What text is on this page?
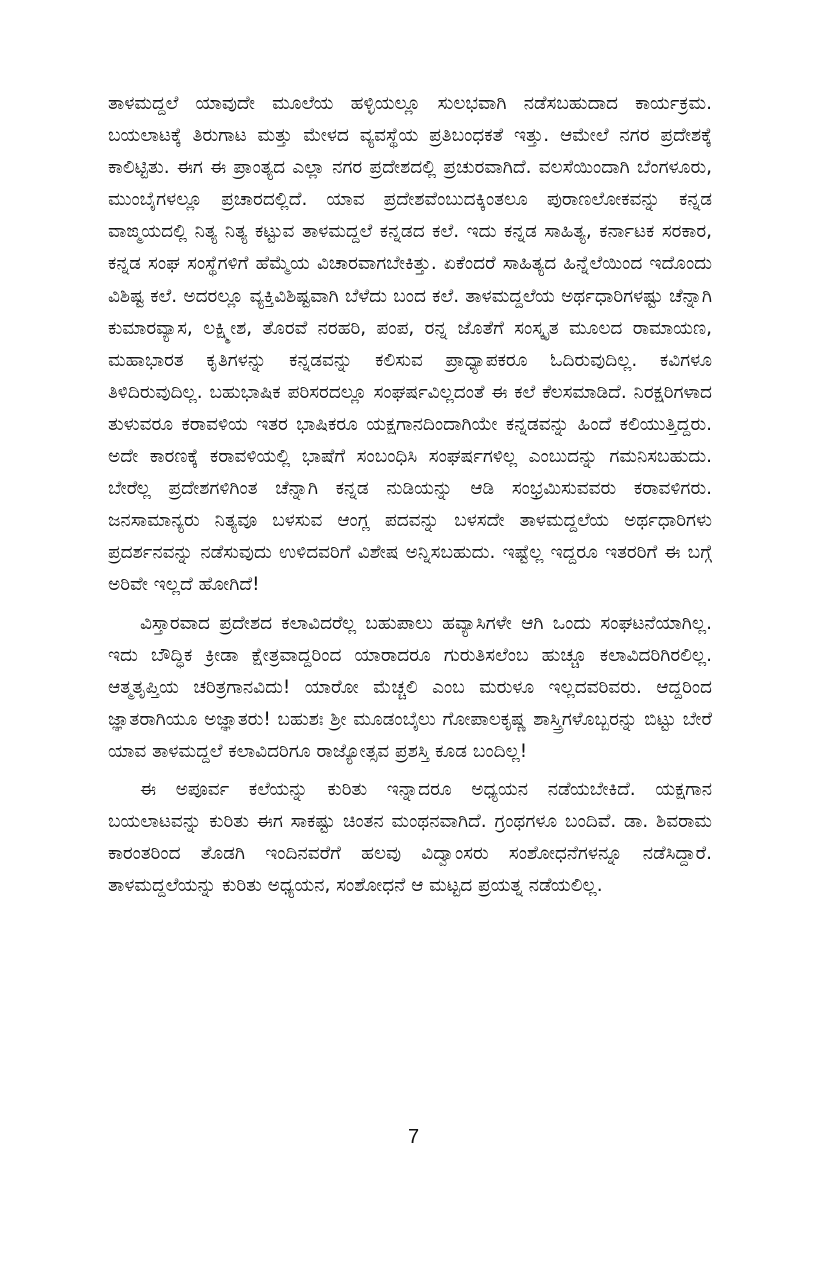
ತಾಳಮದ್ದಲೆ ಯಾವುದೇ ಮೂಲೆಯ ಹಳ್ಳಿಯಲ್ಲೂ ಸುಲಭವಾಗಿ ನಡೆಸಬಹುದಾದ ಕಾರ್ಯಕ್ರಮ. ಬಯಲಾಟಕ್ಕೆ ತಿರುಗಾಟ ಮತ್ತು ಮೇಳದ ವ್ಯವಸ್ಥೆಯ ಪ್ರತಿಬಂಧಕತೆ ಇತ್ತು. ಆಮೇಲೆ ನಗರ ಪ್ರದೇಶಕ್ಕೆ ಕಾಲಿಟ್ಟಿತು. ಈಗ ಈ ಪ್ರಾಂತ್ಯದ ಎಲ್ಲಾ ನಗರ ಪ್ರದೇಶದಲ್ಲಿ ಪ್ರಚುರವಾಗಿದೆ. ವಲಸೆಯಿಂದಾಗಿ ಬೆಂಗಳೂರು, ಮುಂಬೈಗಳಲ್ಲೂ ಪ್ರಚಾರದಲ್ಲಿದೆ. ಯಾವ ಪ್ರದೇಶವೆಂಬುದಕ್ಕಿಂತಲೂ ಪುರಾಣಲೋಕವನ್ನು ಕನ್ನಡ ವಾಙ್ಮಯದಲ್ಲಿ ನಿತ್ಯ ನಿತ್ಯ ಕಟ್ಟುವ ತಾಳಮದ್ದಲೆ ಕನ್ನಡದ ಕಲೆ. ಇದು ಕನ್ನಡ ಸಾಹಿತ್ಯ, ಕರ್ನಾಟಕ ಸರಕಾರ, ಕನ್ನಡ ಸಂಘ ಸಂಸ್ಥೆಗಳಿಗೆ ಹೆಮ್ಮೆಯ ವಿಚಾರವಾಗಬೇಕಿತ್ತು. ಏಕೆಂದರೆ ಸಾಹಿತ್ಯದ ಹಿನ್ನೆಲೆಯಿಂದ ಇದೊಂದು ವಿಶಿಷ್ಟ ಕಲೆ. ಅದರಲ್ಲೂ ವ್ಯಕ್ತಿವಿಶಿಷ್ಟವಾಗಿ ಬೆಳೆದು ಬಂದ ಕಲೆ. ತಾಳಮದ್ದಲೆಯ ಅರ್ಥಧಾರಿಗಳಷ್ಟು ಚೆನ್ನಾಗಿ ಕುಮಾರವ್ಯಾಸ, ಲಕ್ಷ್ಮೀಶ, ತೊರವೆ ನರಹರಿ, ಪಂಪ, ರನ್ನ ಜೊತೆಗೆ ಸಂಸ್ಕೃತ ಮೂಲದ ರಾಮಾಯಣ, ಮಹಾಭಾರತ ಕೃತಿಗಳನ್ನು ಕನ್ನಡವನ್ನು ಕಲಿಸುವ ಪ್ರಾಧ್ಯಾಪಕರೂ ಓದಿರುವುದಿಲ್ಲ. ಕವಿಗಳೂ ತಿಳಿದಿರುವುದಿಲ್ಲ. ಬಹುಭಾಷಿಕ ಪರಿಸರದಲ್ಲೂ ಸಂಘರ್ಷವಿಲ್ಲದಂತೆ ಈ ಕಲೆ ಕೆಲಸಮಾಡಿದೆ. ನಿರಕ್ಷರಿಗಳಾದ ತುಳುವರೂ ಕರಾವಳಿಯ ಇತರ ಭಾಷಿಕರೂ ಯಕ್ಷಗಾನದಿಂದಾಗಿಯೇ ಕನ್ನಡವನ್ನು ಹಿಂದೆ ಕಲಿಯುತ್ತಿದ್ದರು. ಅದೇ ಕಾರಣಕ್ಕೆ ಕರಾವಳಿಯಲ್ಲಿ ಭಾಷೆಗೆ ಸಂಬಂಧಿಸಿ ಸಂಘರ್ಷಗಳಿಲ್ಲ ಎಂಬುದನ್ನು ಗಮನಿಸಬಹುದು. ಬೇರೆಲ್ಲ ಪ್ರದೇಶಗಳಿಗಿಂತ ಚೆನ್ನಾಗಿ ಕನ್ನಡ ನುಡಿಯನ್ನು ಆಡಿ ಸಂಭ್ರಮಿಸುವವರು ಕರಾವಳಿಗರು. ಜನಸಾಮಾನ್ಯರು ನಿತ್ಯವೂ ಬಳಸುವ ಆಂಗ್ಲ ಪದವನ್ನು ಬಳಸದೇ ತಾಳಮದ್ದಲೆಯ ಅರ್ಥಧಾರಿಗಳು ಪ್ರದರ್ಶನವನ್ನು ನಡೆಸುವುದು ಉಳಿದವರಿಗೆ ವಿಶೇಷ ಅನ್ನಿಸಬಹುದು. ಇಷ್ಟೆಲ್ಲ ಇದ್ದರೂ ಇತರರಿಗೆ ಈ ಬಗ್ಗೆ ಅರಿವೇ ಇಲ್ಲದೆ ಹೋಗಿದೆ!

ವಿಸ್ತಾರವಾದ ಪ್ರದೇಶದ ಕಲಾವಿದರೆಲ್ಲ ಬಹುಪಾಲು ಹವ್ಯಾಸಿಗಳೇ ಆಗಿ ಒಂದು ಸಂಘಟನೆಯಾಗಿಲ್ಲ. ಇದು ಬೌದ್ಧಿಕ ಕ್ರೀಡಾ ಕ್ಷೇತ್ರವಾದ್ದರಿಂದ ಯಾರಾದರೂ ಗುರುತಿಸಲೆಂಬ ಹುಚ್ಚೂ ಕಲಾವಿದರಿಗಿರಲಿಲ್ಲ. ಆತ್ಮತೃಪ್ತಿಯ ಚರಿತ್ರಗಾನವಿದು! ಯಾರೋ ಮೆಚ್ಚಲಿ ಎಂಬ ಮರುಳೂ ಇಲ್ಲದವರಿವರು. ಆದ್ದರಿಂದ ಜ್ಞಾತರಾಗಿಯೂ ಅಜ್ಞಾತರು! ಬಹುಶಃ ಶ್ರೀ ಮೂಡಂಬೈಲು ಗೋಪಾಲಕೃಷ್ಣ ಶಾಸ್ತ್ರಿಗಳೊಬ್ಬರನ್ನು ಬಿಟ್ಟು ಬೇರೆ ಯಾವ ತಾಳಮದ್ದಲೆ ಕಲಾವಿದರಿಗೂ ರಾಜ್ಯೋತ್ಸವ ಪ್ರಶಸ್ತಿ ಕೂಡ ಬಂದಿಲ್ಲ!

ಈ ಅಪೂರ್ವ ಕಲೆಯನ್ನು ಕುರಿತು ಇನ್ನಾದರೂ ಅಧ್ಯಯನ ನಡೆಯಬೇಕಿದೆ. ಯಕ್ಷಗಾನ ಬಯಲಾಟವನ್ನು ಕುರಿತು ಈಗ ಸಾಕಷ್ಟು ಚಿಂತನ ಮಂಥನವಾಗಿದೆ. ಗ್ರಂಥಗಳೂ ಬಂದಿವೆ. ಡಾ. ಶಿವರಾಮ ಕಾರಂತರಿಂದ ತೊಡಗಿ ಇಂದಿನವರೆಗೆ ಹಲವು ವಿದ್ವಾಂಸರು ಸಂಶೋಧನೆಗಳನ್ನೂ ನಡೆಸಿದ್ದಾರೆ. ತಾಳಮದ್ದಲೆಯನ್ನು ಕುರಿತು ಅಧ್ಯಯನ, ಸಂಶೋಧನೆ ಆ ಮಟ್ಟದ ಪ್ರಯತ್ನ ನಡೆಯಲಿಲ್ಲ.

7
